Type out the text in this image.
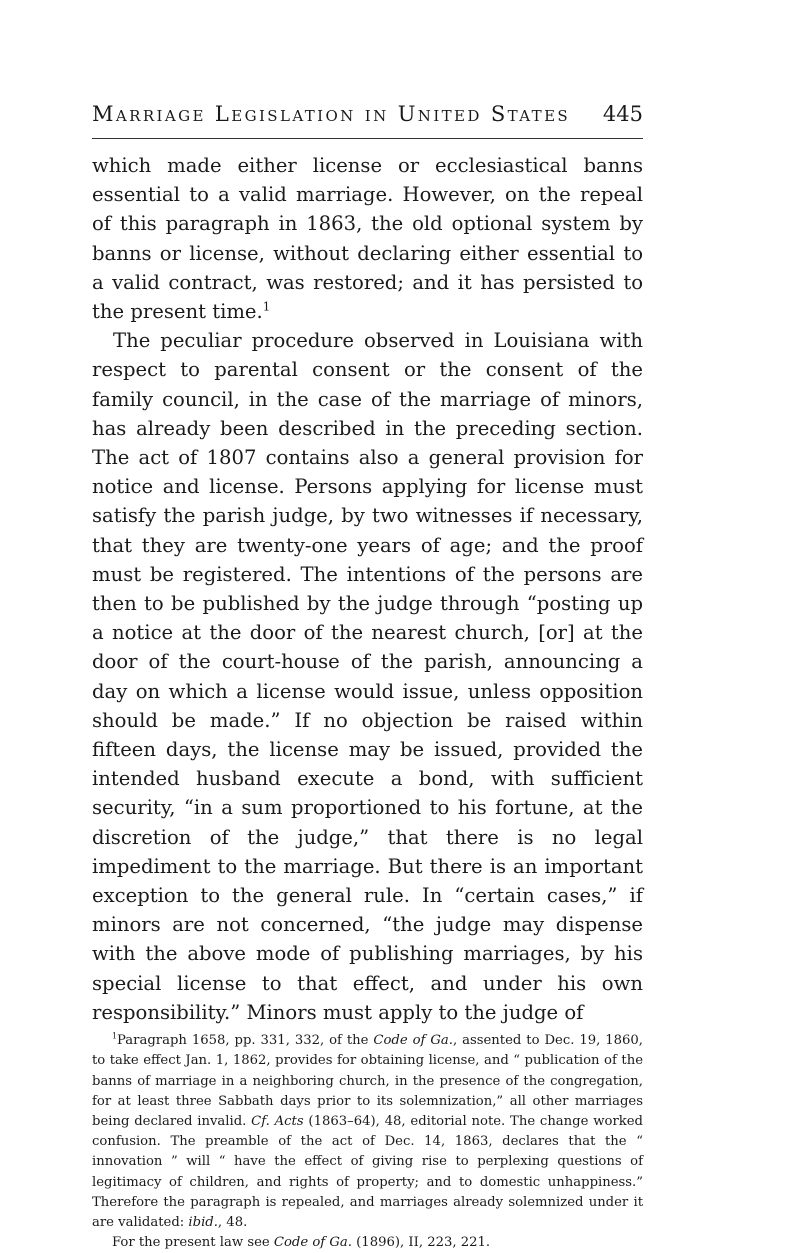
Marriage Legislation in United States 445

which made either license or ecclesiastical banns essential to a valid marriage. However, on the repeal of this paragraph in 1863, the old optional system by banns or license, without declaring either essential to a valid contract, was restored; and it has persisted to the present time.$^1$

The peculiar procedure observed in Louisiana with respect to parental consent or the consent of the family council, in the case of the marriage of minors, has already been described in the preceding section. The act of 1807 contains also a general provision for notice and license. Persons applying for license must satisfy the parish judge, by two witnesses if necessary, that they are twenty-one years of age; and the proof must be registered. The intentions of the persons are then to be published by the judge through “posting up a notice at the door of the nearest church, [or] at the door of the court-house of the parish, announcing a day on which a license would issue, unless opposition should be made.” If no objection be raised within fifteen days, the license may be issued, provided the intended husband execute a bond, with sufficient security, “in a sum proportioned to his fortune, at the discretion of the judge,” that there is no legal impediment to the marriage. But there is an important exception to the general rule. In “certain cases,” if minors are not concerned, “the judge may dispense with the above mode of publishing marriages, by his special license to that effect, and under his own responsibility.” Minors must apply to the judge of

$^1$Paragraph 1658, pp. 331, 332, of the Code of Ga., assented to Dec. 19, 1860, to take effect Jan. 1, 1862, provides for obtaining license, and “ publication of the banns of marriage in a neighboring church, in the presence of the congregation, for at least three Sabbath days prior to its solemnization,” all other marriages being declared invalid. Cf. Acts (1863–64), 48, editorial note. The change worked confusion. The preamble of the act of Dec. 14, 1863, declares that the “ innovation ” will “ have the effect of giving rise to perplexing questions of legitimacy of children, and rights of property; and to domestic unhappiness.” Therefore the paragraph is repealed, and marriages already solemnized under it are validated: ibid., 48.

For the present law see Code of Ga. (1896), II, 223, 221.
